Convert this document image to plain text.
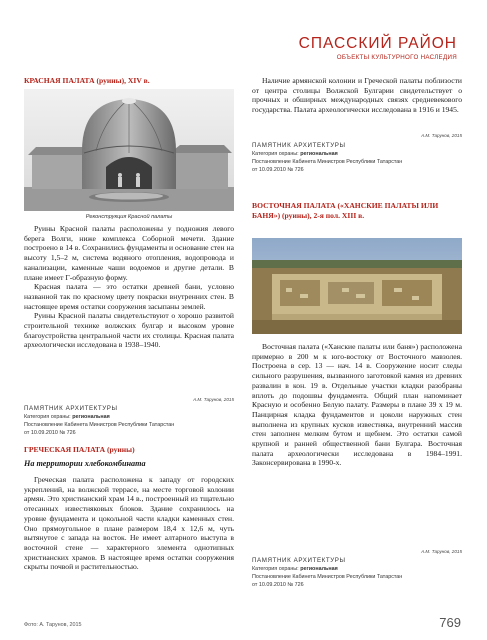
СПАССКИЙ РАЙОН
ОБЪЕКТЫ КУЛЬТУРНОГО НАСЛЕДИЯ
КРАСНАЯ ПАЛАТА (руины), XIV в.
Реконструкция Красной палаты

Руины Красной палаты расположены у подножия левого берега Волги, ниже комплекса Соборной мечети. Здание построено в 14 в. Сохранились фундаменты и основание стен на высоту 1,5–2 м, система водяного отопления, водопровода и канализации, каменные чаши водоемов и другие детали. В плане имеет Г-образную форму.

Красная палата — это остатки древней бани, условно названной так по красному цвету покраски внутренних стен. В настоящее время остатки сооружения засыпаны землей.

Руины Красной палаты свидетельствуют о хорошо развитой строительной технике волжских булгар и высоком уровне благоустройства центральной части их столицы. Красная палата археологически исследована в 1938–1940.

А.М. Тарунов, 2015
ПАМЯТНИК АРХИТЕКТУРЫ
Категория охраны: региональная
Постановление Кабинета Министров Республики Татарстан
от 10.09.2010 № 726
ГРЕЧЕСКАЯ ПАЛАТА (руины)
На территории хлебокомбината

Греческая палата расположена к западу от городских укреплений, на волжской террасе, на месте торговой колонии армян. Это христианский храм 14 в., построенный из тщательно отесанных известняковых блоков. Здание сохранилось на уровне фундамента и цокольной части кладки каменных стен. Оно прямоугольное в плане размером 18,4 х 12,6 м, чуть вытянутое с запада на восток. Не имеет алтарного выступа в восточной стене — характерного элемента однотипных христианских храмов. В настоящее время остатки сооружения скрыты почвой и растительностью.

Наличие армянской колонии и Греческой палаты поблизости от центра столицы Волжской Булгарии свидетельствует о прочных и обширных международных связях средневекового государства. Палата археологически исследована в 1916 и 1945.

А.М. Тарунов, 2015
ПАМЯТНИК АРХИТЕКТУРЫ
Категория охраны: региональная
Постановление Кабинета Министров Республики Татарстан
от 10.09.2010 № 726
ВОСТОЧНАЯ ПАЛАТА («ХАНСКИЕ ПАЛАТЫ ИЛИ БАНЯ») (руины), 2-я пол. XIII в.

Восточная палата («Ханские палаты или баня») расположена примерно в 200 м к юго-востоку от Восточного мавзолея. Построена в сер. 13 — нач. 14 в. Сооружение носит следы сильного разрушения, вызванного заготовкой камня из древних развалин в кон. 19 в. Отдельные участки кладки разобраны вплоть до подошвы фундаментa. Общий план напоминает Красную и особенно Белую палату. Размеры в плане 39 х 19 м. Панцирная кладка фундаментов и цоколи наружных стен выполнена из крупных кусков известняка, внутренний массив стен заполнен мелким бутом и щебнем. Это остатки самой крупной и ранней общественной бани Булгара. Восточная палата археологически исследована в 1984–1991. Законсервирована в 1990-х.

А.М. Тарунов, 2015
ПАМЯТНИК АРХИТЕКТУРЫ
Категория охраны: региональная
Постановление Кабинета Министров Республики Татарстан
от 10.09.2010 № 726
Фото: А. Тарунов, 2015	769
